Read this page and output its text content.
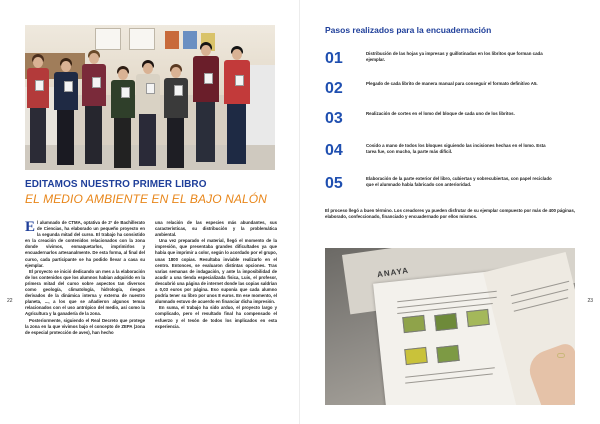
EDITAMOS NUESTRO PRIMER LIBRO
EL MEDIO AMBIENTE EN EL BAJO NALÓN

El alumnado de CTMA, optativa de 2º de Bachillerato de Ciencias, ha elaborado un pequeño proyecto en la segunda mitad del curso. El trabajo ha consistido en la creación de contenidos relacionados con la zona donde vivimos, enmaquetarlos, imprimirlos y encuadernarlos artesanalmente. De esta forma, al final del curso, cada participante se ha podido llevar a casa su ejemplar.

El proyecto se inició dedicando un mes a la elaboración de los contenidos que los alumnos habían adquirido en la primera mitad del curso sobre aspectos tan diversos como geología, climatología, hidrología, riesgos derivados de la dinámica interna y externa de nuestro planeta, ..., a los que se añadieron algunos temas relacionados con el uso antrópico del medio, así como la Agricultura y la ganadería de la zona.

Posteriormente, siguiendo el Real Decreto que protege la zona en la que vivimos bajo el concepto de ZEPA (zona de especial protección de aves), han hecho

una relación de las especies más abundantes, sus características, su distribución y la problemática ambiental.

Una vez preparado el material, llegó el momento de la impresión, que presentaba grandes dificultades ya que había que imprimir a color, según lo acordado por el grupo, unas 1800 copias. Resultaba inviable realizarlo en el centro. Entonces, se evaluaron distintas opciones. Tras varias semanas de indagación, y ante la imposibilidad de acudir a una tienda especializada física, Luis, el profesor, descubrió una página de internet donde las copias saldrían a 0,03 euros por página. Eso suponía que cada alumno podría tener su libro por unos 8 euros. En ese momento, el alumnado estuvo de acuerdo en financiar dicha impresión.

En suma, el trabajo ha sido arduo, el proyecto largo y complicado, pero el resultado final ha compensado el esfuerzo y el tesón de todos los implicados en esta experiencia.

22
Pasos realizados para la encuadernación
01	Distribución de las hojas ya impresas y guillotinadas en los libritos que forman cada ejemplar.
02	Plegado de cada librito de manera manual para conseguir el formato definitivo A5.
03	Realización de cortes en el lomo del bloque de cada uno de los libritos.
04	Cosido a mano de todos los bloques siguiendo las incisiones hechas en el lomo. Esta tarea fue, con mucho, la parte más difícil.
05	Elaboración de la parte exterior del libro, cubiertas y sobrecubiertas, con papel reciclado que el alumnado había fabricado con anterioridad.
El proceso llegó a buen término. Los creadores ya pueden disfrutar de su ejemplar compuesto por más de 400 páginas, elaborado, confeccionado, financiado y encuadernado por ellos mismos.
ANAYA
23
